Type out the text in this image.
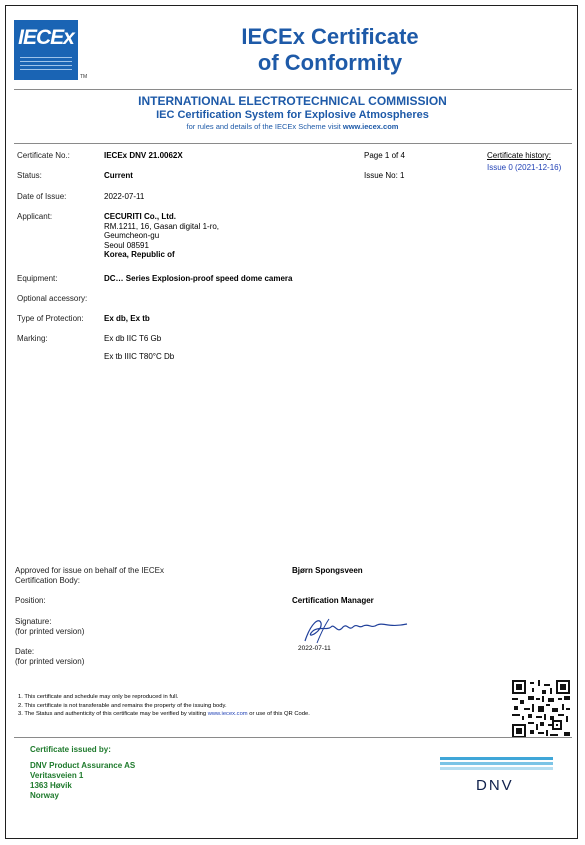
IECEx
TM
IECEx Certificate
of Conformity
INTERNATIONAL ELECTROTECHNICAL COMMISSION
IEC Certification System for Explosive Atmospheres
for rules and details of the IECEx Scheme visit www.iecex.com
Certificate No.:	IECEx DNV 21.0062X	Page 1 of 4
Status:	Current	Issue No: 1
Certificate history:
Issue 0 (2021-12-16)
Date of Issue:	2022-07-11
Applicant:	CECURITI Co., Ltd.
RM.1211, 16, Gasan digital 1-ro,
Geumcheon-gu
Seoul 08591
Korea, Republic of
Equipment:	DC… Series Explosion-proof speed dome camera
Optional accessory:
Type of Protection:	Ex db, Ex tb
Marking:	Ex db IIC T6 Gb
Ex tb IIIC T80°C Db
Approved for issue on behalf of the IECEx
Certification Body:
Bjørn Spongsveen
Position:	Certification Manager
Signature:
(for printed version)
2022-07-11
Date:
(for printed version)
1. This certificate and schedule may only be reproduced in full.
2. This certificate is not transferable and remains the property of the issuing body.
3. The Status and authenticity of this certificate may be verified by visiting www.iecex.com or use of this QR Code.
Certificate issued by:
DNV Product Assurance AS
Veritasveien 1
1363 Høvik
Norway
DNV
